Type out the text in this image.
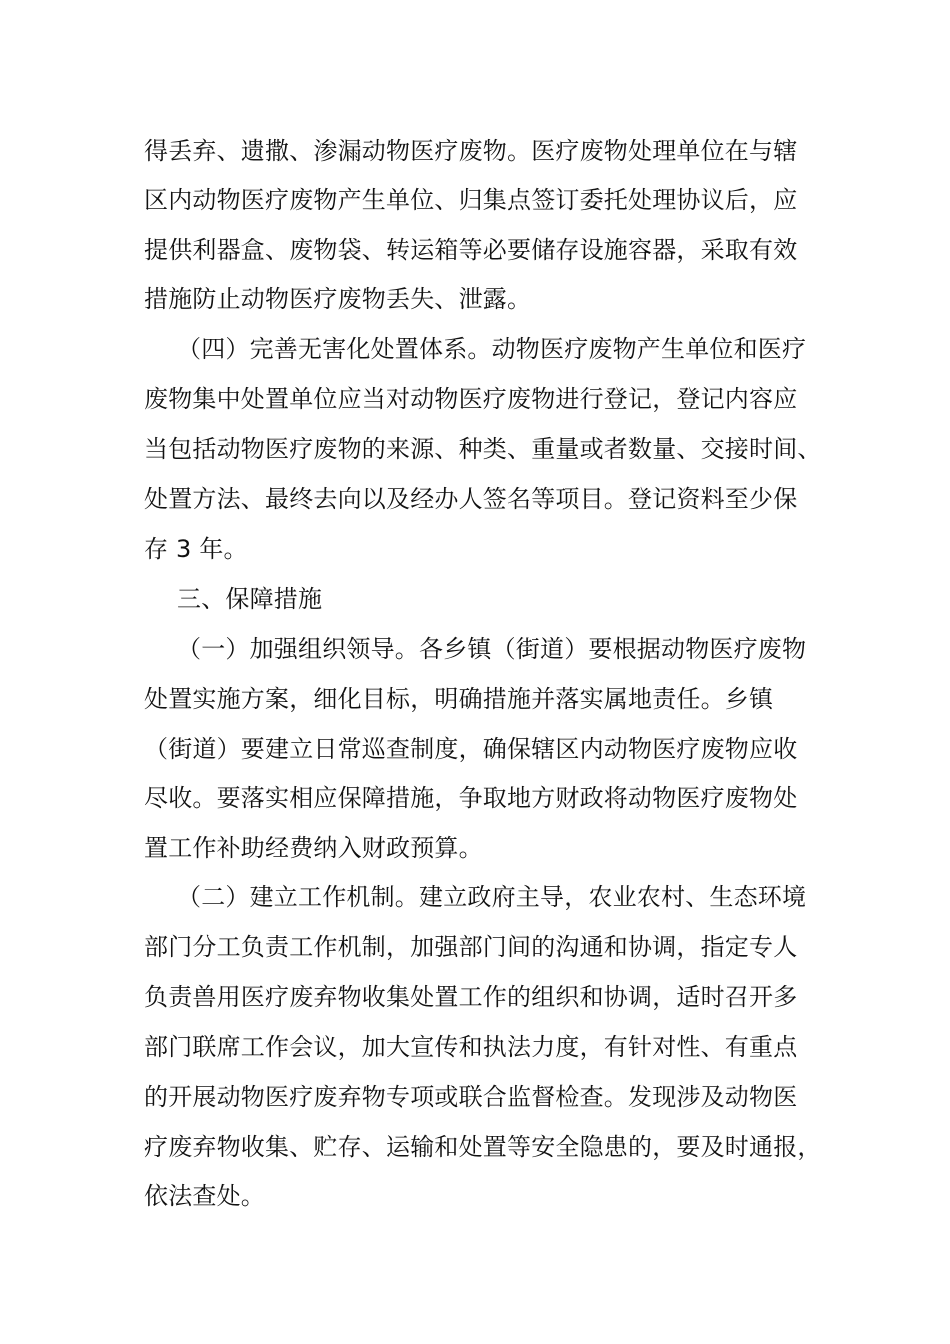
得丢弃、遗撒、渗漏动物医疗废物。医疗废物处理单位在与辖
区内动物医疗废物产生单位、归集点签订委托处理协议后，应
提供利器盒、废物袋、转运箱等必要储存设施容器，采取有效
措施防止动物医疗废物丢失、泄露。
（四）完善无害化处置体系。动物医疗废物产生单位和医疗
废物集中处置单位应当对动物医疗废物进行登记，登记内容应
当包括动物医疗废物的来源、种类、重量或者数量、交接时间、
处置方法、最终去向以及经办人签名等项目。登记资料至少保
存 3 年。
三、保障措施
（一）加强组织领导。各乡镇（街道）要根据动物医疗废物
处置实施方案，细化目标，明确措施并落实属地责任。乡镇
（街道）要建立日常巡查制度，确保辖区内动物医疗废物应收
尽收。要落实相应保障措施，争取地方财政将动物医疗废物处
置工作补助经费纳入财政预算。
（二）建立工作机制。建立政府主导，农业农村、生态环境
部门分工负责工作机制，加强部门间的沟通和协调，指定专人
负责兽用医疗废弃物收集处置工作的组织和协调，适时召开多
部门联席工作会议，加大宣传和执法力度，有针对性、有重点
的开展动物医疗废弃物专项或联合监督检查。发现涉及动物医
疗废弃物收集、贮存、运输和处置等安全隐患的，要及时通报，
依法查处。
